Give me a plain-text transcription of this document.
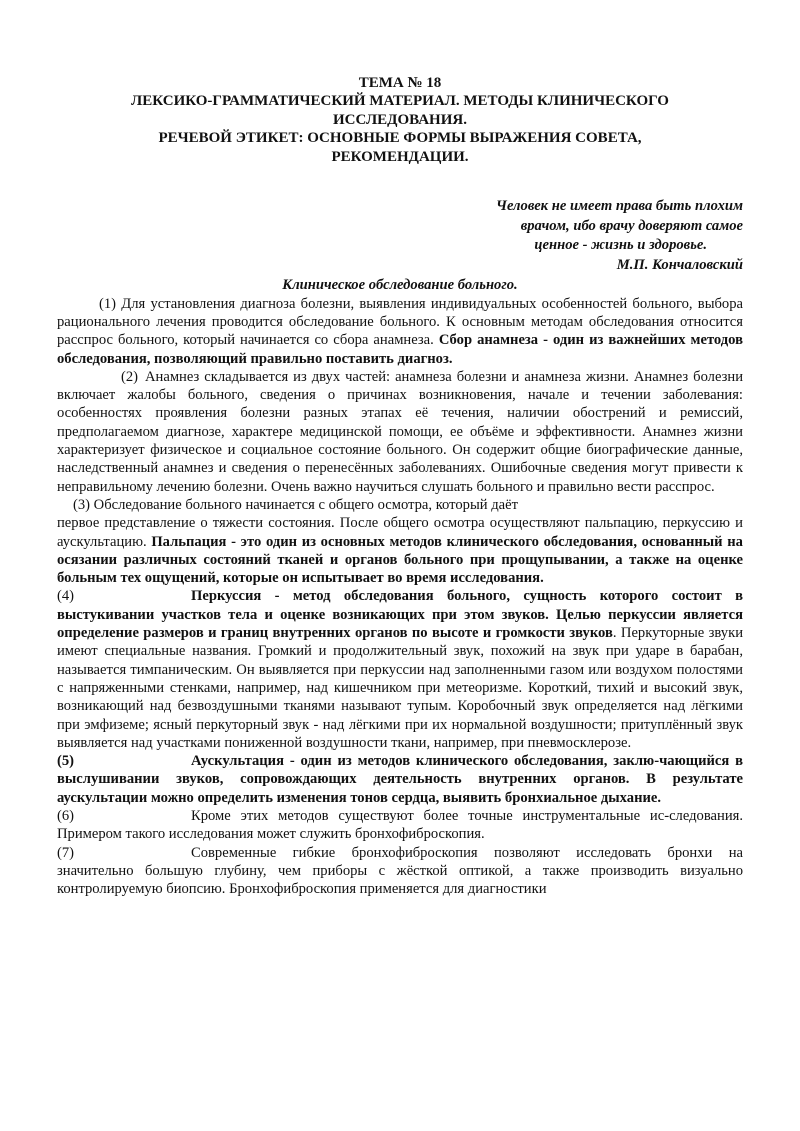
ТЕМА № 18
ЛЕКСИКО-ГРАММАТИЧЕСКИЙ МАТЕРИАЛ. МЕТОДЫ КЛИНИЧЕСКОГО
ИССЛЕДОВАНИЯ.
РЕЧЕВОЙ ЭТИКЕТ: ОСНОВНЫЕ ФОРМЫ ВЫРАЖЕНИЯ СОВЕТА,
РЕКОМЕНДАЦИИ.
Человек не имеет права быть плохим
врачом, ибо врачу доверяют самое
ценное - жизнь и здоровье.
М.П. Кончаловский
Клиническое обследование больного.

(1) Для установления диагноза болезни, выявления индивидуальных особенностей больного, выбора рационального лечения проводится обследование больного. К основным методам обследования относится расспрос больного, который начинается со сбора анамнеза. Сбор анамнеза - один из важнейших методов обследования, позволяющий правильно поставить диагноз.

(2) Анамнез складывается из двух частей: анамнеза болезни и анамнеза жизни. Анамнез болезни включает жалобы больного, сведения о причинах возникновения, начале и течении заболевания: особенностях проявления болезни разных этапах её течения, наличии обострений и ремиссий, предполагаемом диагнозе, характере медицинской помощи, ее объёме и эффективности. Анамнез жизни характеризует физическое и социальное состояние больного. Он содержит общие биографические данные, наследственный анамнез и сведения о перенесённых заболеваниях. Ошибочные сведения могут привести к неправильному лечению болезни. Очень важно научиться слушать больного и правильно вести расспрос.

(3) Обследование больного начинается с общего осмотра, который даёт

первое представление о тяжести состояния. После общего осмотра осуществляют пальпацию, перкуссию и аускультацию. Пальпация - это один из основных методов клинического обследования, основанный на осязании различных состояний тканей и органов больного при прощупывании, а также на оценке больным тех ощущений, которые он испытывает во время исследования.

(4)	Перкуссия - метод обследования больного, сущность которого состоит в выстукивании участков тела и оценке возникающих при этом звуков. Целью перкуссии является определение размеров и границ внутренних органов по высоте и громкости звуков. Перкуторные звуки имеют специальные названия. Громкий и продолжительный звук, похожий на звук при ударе в барабан, называется тимпаническим. Он выявляется при перкуссии над заполненными газом или воздухом полостями с напряженными стенками, например, над кишечником при метеоризме. Короткий, тихий и высокий звук, возникающий над безвоздушными тканями называют тупым. Коробочный звук определяется над лёгкими при эмфиземе; ясный перкуторный звук - над лёгкими при их нормальной воздушности; притуплённый звук выявляется над участками пониженной воздушности ткани, например, при пневмосклерозе.

(5)	Аускультация - один из методов клинического обследования, заклю-чающийся в выслушивании звуков, сопровождающих деятельность внутренних органов. В результате аускультации можно определить изменения тонов сердца, выявить бронхиальное дыхание.

(6)	Кроме этих методов существуют более точные инструментальные ис-следования. Примером такого исследования может служить бронхофиброскопия.

(7)	Современные гибкие бронхофиброскопия позволяют исследовать бронхи на значительно большую глубину, чем приборы с жёсткой оптикой, а также производить визуально контролируемую биопсию. Бронхофиброскопия применяется для диагностики
